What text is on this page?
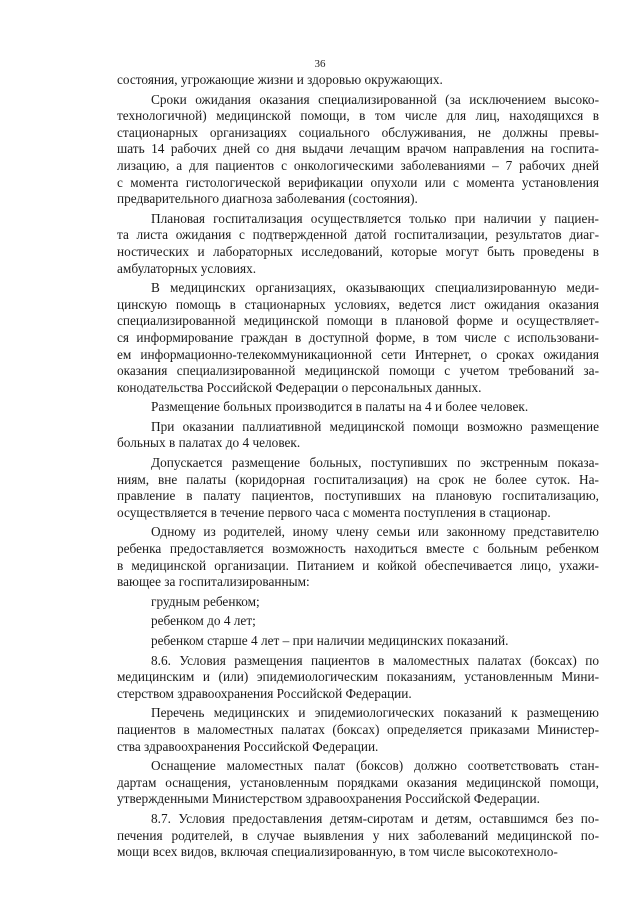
36
состояния, угрожающие жизни и здоровью окружающих.
Сроки ожидания оказания специализированной (за исключением высоко-
технологичной) медицинской помощи, в том числе для лиц, находящихся в
стационарных организациях социального обслуживания, не должны превы-
шать 14 рабочих дней со дня выдачи лечащим врачом направления на госпита-
лизацию, а для пациентов с онкологическими заболеваниями – 7 рабочих дней
с момента гистологической верификации опухоли или с момента установления
предварительного диагноза заболевания (состояния).
Плановая госпитализация осуществляется только при наличии у пациен-
та листа ожидания с подтвержденной датой госпитализации, результатов диаг-
ностических и лабораторных исследований, которые могут быть проведены в
амбулаторных условиях.
В медицинских организациях, оказывающих специализированную меди-
цинскую помощь в стационарных условиях, ведется лист ожидания оказания
специализированной медицинской помощи в плановой форме и осуществляет-
ся информирование граждан в доступной форме, в том числе с использовани-
ем информационно-телекоммуникационной сети Интернет, о сроках ожидания
оказания специализированной медицинской помощи с учетом требований за-
конодательства Российской Федерации о персональных данных.
Размещение больных производится в палаты на 4 и более человек.
При оказании паллиативной медицинской помощи возможно размещение
больных в палатах до 4 человек.
Допускается размещение больных, поступивших по экстренным показа-
ниям, вне палаты (коридорная госпитализация) на срок не более суток. На-
правление в палату пациентов, поступивших на плановую госпитализацию,
осуществляется в течение первого часа с момента поступления в стационар.
Одному из родителей, иному члену семьи или законному представителю
ребенка предоставляется возможность находиться вместе с больным ребенком
в медицинской организации. Питанием и койкой обеспечивается лицо, ухажи-
вающее за госпитализированным:
грудным ребенком;
ребенком до 4 лет;
ребенком старше 4 лет – при наличии медицинских показаний.
8.6. Условия размещения пациентов в маломестных палатах (боксах) по
медицинским и (или) эпидемиологическим показаниям, установленным Мини-
стерством здравоохранения Российской Федерации.
Перечень медицинских и эпидемиологических показаний к размещению
пациентов в маломестных палатах (боксах) определяется приказами Министер-
ства здравоохранения Российской Федерации.
Оснащение маломестных палат (боксов) должно соответствовать стан-
дартам оснащения, установленным порядками оказания медицинской помощи,
утвержденными Министерством здравоохранения Российской Федерации.
8.7. Условия предоставления детям-сиротам и детям, оставшимся без по-
печения родителей, в случае выявления у них заболеваний медицинской по-
мощи всех видов, включая специализированную, в том числе высокотехноло-
